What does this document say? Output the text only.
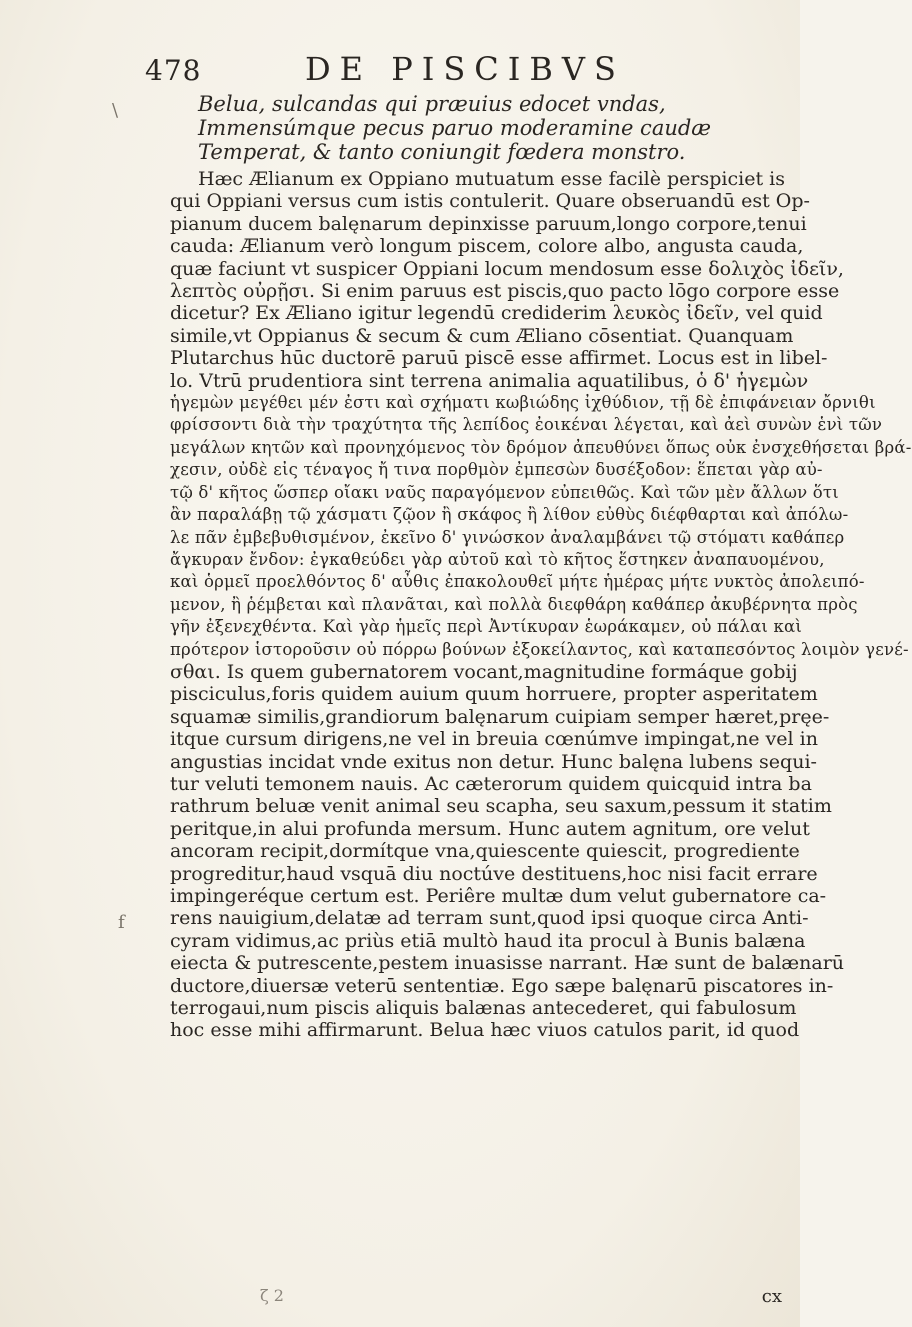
478	DE PISCIBVS
Belua, sulcandas qui præuius edocet vndas,
Immensúmque pecus paruo moderamine caudæ
Temperat, & tanto coniungit fœdera monstro.
Hæc Ælianum ex Oppiano mutuatum esse facilè perspiciet is
qui Oppiani versus cum istis contulerit. Quare obseruandū est Op-
pianum ducem balęnarum depinxisse paruum,longo corpore,tenui
cauda: Ælianum verò longum piscem, colore albo, angusta cauda,
quæ faciunt vt suspicer Oppiani locum mendosum esse δολιχὸς ἰδεῖν,
λεπτὸς οὐρῇσι. Si enim paruus est piscis,quo pacto lōgo corpore esse
dicetur? Ex Æliano igitur legendū crediderim λευκὸς ἰδεῖν, vel quid
simile,vt Oppianus & secum & cum Æliano cōsentiat. Quanquam
Plutarchus hūc ductorē paruū piscē esse affirmet. Locus est in libel-
lo. Vtrū prudentiora sint terrena animalia aquatilibus, ὁ δ' ἡγεμὼν
ἡγεμὼν μεγέθει μέν ἐστι καὶ σχήματι κωβιώδης ἰχθύδιον, τῇ δὲ ἐπιφάνειαν ὄρνιθι
φρίσσοντι διὰ τὴν τραχύτητα τῆς λεπίδος ἐοικέναι λέγεται, καὶ ἀεὶ συνὼν ἑνὶ τῶν
μεγάλων κητῶν καὶ προνηχόμενος τὸν δρόμον ἀπευθύνει ὅπως οὐκ ἐνσχεθήσεται βρά-
χεσιν, οὐδὲ εἰς τέναγος ἤ τινα πορθμὸν ἐμπεσὼν δυσέξοδον: ἕπεται γὰρ αὐ-
τῷ δ' κῆτος ὥσπερ οἴακι ναῦς παραγόμενον εὐπειθῶς. Καὶ τῶν μὲν ἄλλων ὅτι
ἂν παραλάβῃ τῷ χάσματι ζῷον ἢ σκάφος ἢ λίθον εὐθὺς διέφθαρται καὶ ἀπόλω-
λε πᾶν ἐμβεβυθισμένον, ἐκεῖνο δ' γινώσκον ἀναλαμβάνει τῷ στόματι καθάπερ
ἄγκυραν ἔνδον: ἐγκαθεύδει γὰρ αὐτοῦ καὶ τὸ κῆτος ἕστηκεν ἀναπαυομένου,
καὶ ὁρμεῖ προελθόντος δ' αὖθις ἐπακολουθεῖ μήτε ἡμέρας μήτε νυκτὸς ἀπολειπό-
μενον, ἢ ῥέμβεται καὶ πλανᾶται, καὶ πολλὰ διεφθάρη καθάπερ ἀκυβέρνητα πρὸς
γῆν ἐξενεχθέντα. Καὶ γὰρ ἡμεῖς περὶ Ἀντίκυραν ἑωράκαμεν, οὐ πάλαι καὶ
πρότερον ἱστοροῦσιν οὐ πόρρω βούνων ἐξοκείλαντος, καὶ καταπεσόντος λοιμὸν γενέ-
σθαι. Is quem gubernatorem vocant,magnitudine formáque gobij
pisciculus,foris quidem auium quum horruere, propter asperitatem
squamæ similis,grandiorum balęnarum cuipiam semper hæret,pręe-
itque cursum dirigens,ne vel in breuia cœnúmve impingat,ne vel in
angustias incidat vnde exitus non detur. Hunc balęna lubens sequi-
tur veluti temonem nauis. Ac cæterorum quidem quicquid intra ba
rathrum beluæ venit animal seu scapha, seu saxum,pessum it statim
peritque,in alui profunda mersum. Hunc autem agnitum, ore velut
ancoram recipit,dormítque vna,quiescente quiescit, progrediente
progreditur,haud vsquā diu noctúve destituens,hoc nisi facit errare
impingeréque certum est. Periêre multæ dum velut gubernatore ca-
rens nauigium,delatæ ad terram sunt,quod ipsi quoque circa Anti-
cyram vidimus,ac priùs etiā multò haud ita procul à Bunis balæna
eiecta & putrescente,pestem inuasisse narrant. Hæ sunt de balænarū
ductore,diuersæ veterū sententiæ. Ego sæpe balęnarū piscatores in-
terrogaui,num piscis aliquis balænas antecederet, qui fabulosum
hoc esse mihi affirmarunt. Belua hæc viuos catulos parit, id quod
\
f
ζ 2	cx
